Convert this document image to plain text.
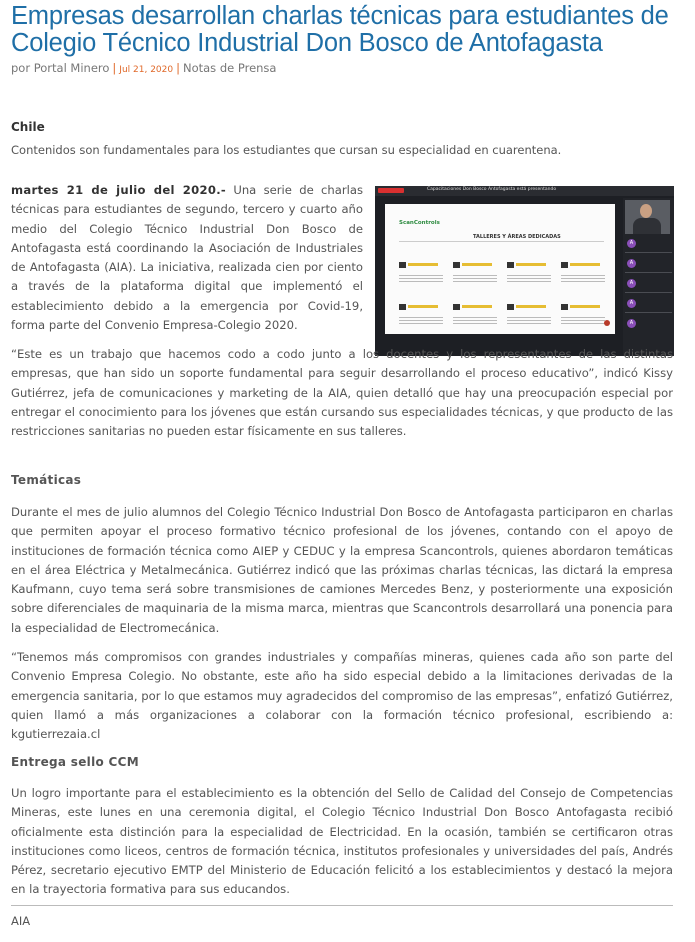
Empresas desarrollan charlas técnicas para estudiantes de Colegio Técnico Industrial Don Bosco de Antofagasta
por Portal Minero | Jul 21, 2020 | Notas de Prensa
Chile
Contenidos son fundamentales para los estudiantes que cursan su especialidad en cuarentena.

martes 21 de julio del 2020.- Una serie de charlas técnicas para estudiantes de segundo, tercero y cuarto año medio del Colegio Técnico Industrial Don Bosco de Antofagasta está coordinando la Asociación de Industriales de Antofagasta (AIA). La iniciativa, realizada cien por ciento a través de la plataforma digital que implementó el establecimiento debido a la emergencia por Covid-19, forma parte del Convenio Empresa-Colegio 2020.

Capacitaciones Don Bosco Antofagasta está presentando
ScanControls
TALLERES Y ÁREAS DEDICADAS
A
A
A
A
A

“Este es un trabajo que hacemos codo a codo junto a los docentes y los representantes de las distintas empresas, que han sido un soporte fundamental para seguir desarrollando el proceso educativo”, indicó Kissy Gutiérrez, jefa de comunicaciones y marketing de la AIA, quien detalló que hay una preocupación especial por entregar el conocimiento para los jóvenes que están cursando sus especialidades técnicas, y que producto de las restricciones sanitarias no pueden estar físicamente en sus talleres.

Temáticas

Durante el mes de julio alumnos del Colegio Técnico Industrial Don Bosco de Antofagasta participaron en charlas que permiten apoyar el proceso formativo técnico profesional de los jóvenes, contando con el apoyo de instituciones de formación técnica como AIEP y CEDUC y la empresa Scancontrols, quienes abordaron temáticas en el área Eléctrica y Metalmecánica. Gutiérrez indicó que las próximas charlas técnicas, las dictará la empresa Kaufmann, cuyo tema será sobre transmisiones de camiones Mercedes Benz, y posteriormente una exposición sobre diferenciales de maquinaria de la misma marca, mientras que Scancontrols desarrollará una ponencia para la especialidad de Electromecánica.

“Tenemos más compromisos con grandes industriales y compañías mineras, quienes cada año son parte del Convenio Empresa Colegio. No obstante, este año ha sido especial debido a la limitaciones derivadas de la emergencia sanitaria, por lo que estamos muy agradecidos del compromiso de las empresas”, enfatizó Gutiérrez, quien llamó a más organizaciones a colaborar con la formación técnico profesional, escribiendo a: kgutierrezaia.cl

Entrega sello CCM

Un logro importante para el establecimiento es la obtención del Sello de Calidad del Consejo de Competencias Mineras, este lunes en una ceremonia digital, el Colegio Técnico Industrial Don Bosco Antofagasta recibió oficialmente esta distinción para la especialidad de Electricidad. En la ocasión, también se certificaron otras instituciones como liceos, centros de formación técnica, institutos profesionales y universidades del país, Andrés Pérez, secretario ejecutivo EMTP del Ministerio de Educación felicitó a los establecimientos y destacó la mejora en la trayectoria formativa para sus educandos.

AIA
